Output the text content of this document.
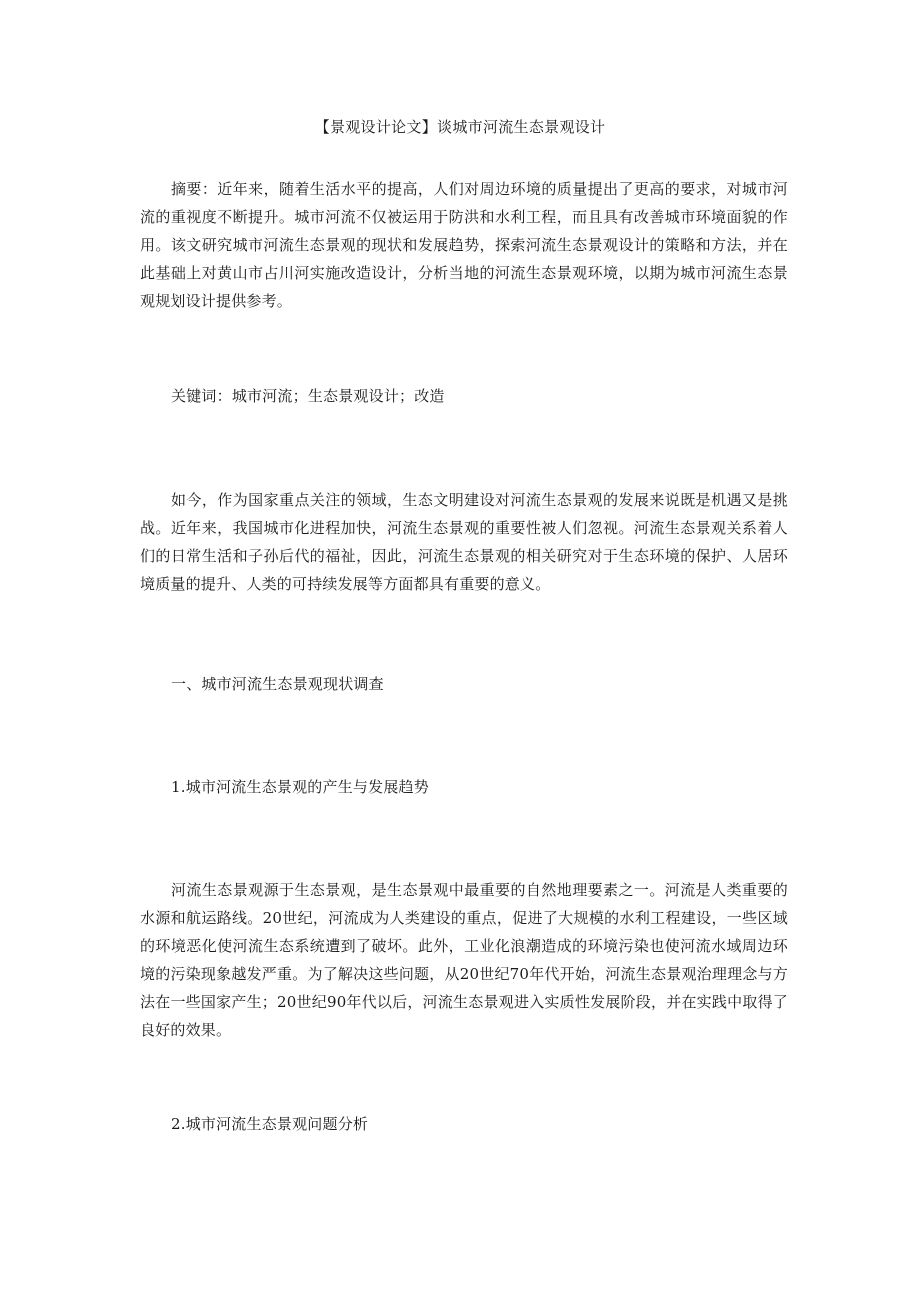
【景观设计论文】谈城市河流生态景观设计
摘要：近年来，随着生活水平的提高，人们对周边环境的质量提出了更高的要求，对城市河流的重视度不断提升。城市河流不仅被运用于防洪和水利工程，而且具有改善城市环境面貌的作用。该文研究城市河流生态景观的现状和发展趋势，探索河流生态景观设计的策略和方法，并在此基础上对黄山市占川河实施改造设计，分析当地的河流生态景观环境，以期为城市河流生态景观规划设计提供参考。
关键词：城市河流；生态景观设计；改造
如今，作为国家重点关注的领域，生态文明建设对河流生态景观的发展来说既是机遇又是挑战。近年来，我国城市化进程加快，河流生态景观的重要性被人们忽视。河流生态景观关系着人们的日常生活和子孙后代的福祉，因此，河流生态景观的相关研究对于生态环境的保护、人居环境质量的提升、人类的可持续发展等方面都具有重要的意义。
一、城市河流生态景观现状调查
1.城市河流生态景观的产生与发展趋势
河流生态景观源于生态景观，是生态景观中最重要的自然地理要素之一。河流是人类重要的水源和航运路线。20世纪，河流成为人类建设的重点，促进了大规模的水利工程建设，一些区域的环境恶化使河流生态系统遭到了破坏。此外，工业化浪潮造成的环境污染也使河流水域周边环境的污染现象越发严重。为了解决这些问题，从20世纪70年代开始，河流生态景观治理理念与方法在一些国家产生；20世纪90年代以后，河流生态景观进入实质性发展阶段，并在实践中取得了良好的效果。
2.城市河流生态景观问题分析
